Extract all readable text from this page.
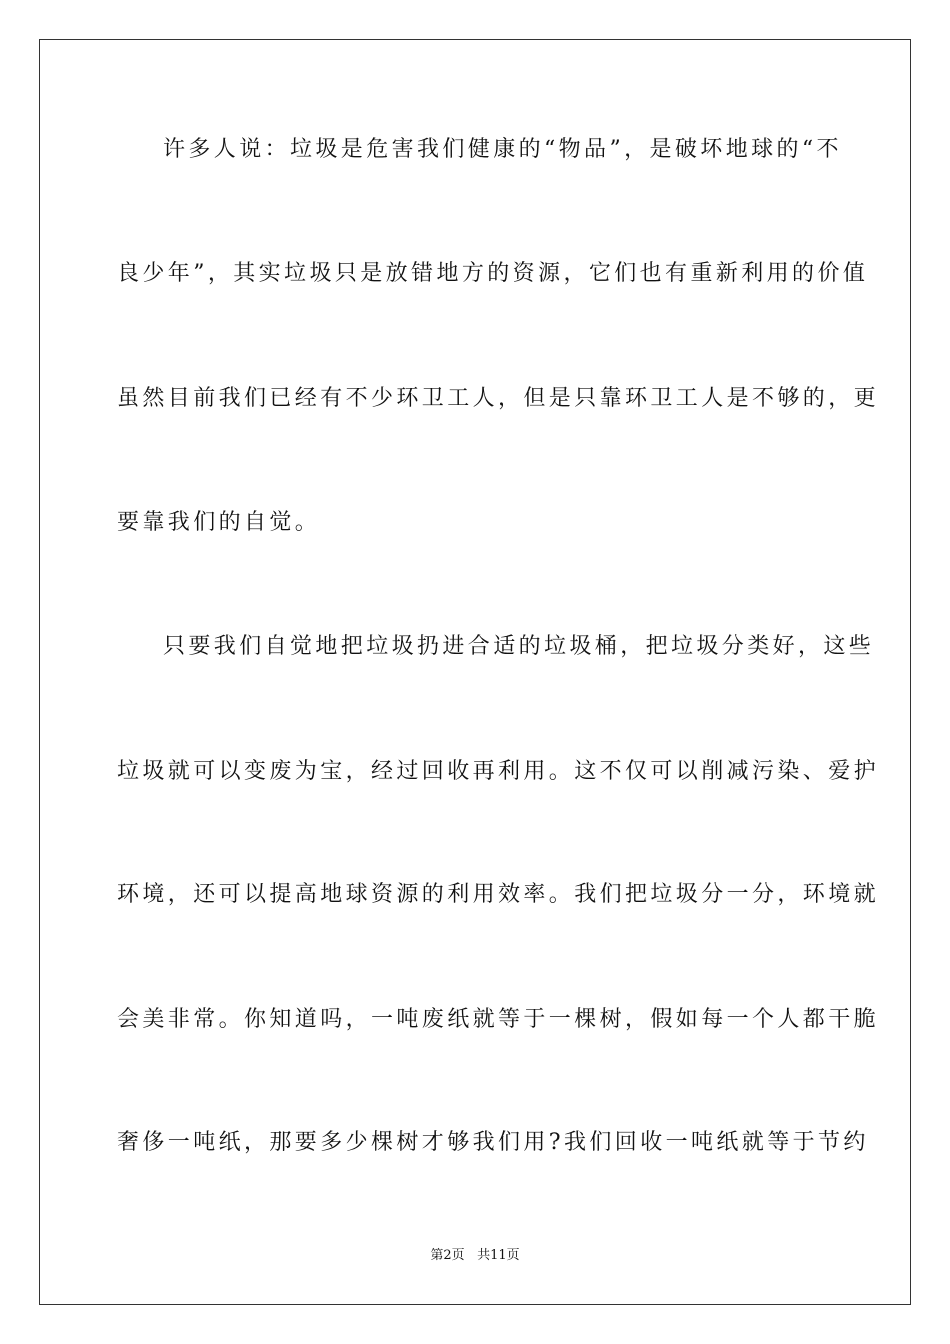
许多人说：垃圾是危害我们健康的“物品”，是破坏地球的“不
良少年”，其实垃圾只是放错地方的资源，它们也有重新利用的价值
虽然目前我们已经有不少环卫工人，但是只靠环卫工人是不够的，更
要靠我们的自觉。
只要我们自觉地把垃圾扔进合适的垃圾桶，把垃圾分类好，这些
垃圾就可以变废为宝，经过回收再利用。这不仅可以削减污染、爱护
环境，还可以提高地球资源的利用效率。我们把垃圾分一分，环境就
会美非常。你知道吗，一吨废纸就等于一棵树，假如每一个人都干脆
奢侈一吨纸，那要多少棵树才够我们用?我们回收一吨纸就等于节约
第2页 共11页
